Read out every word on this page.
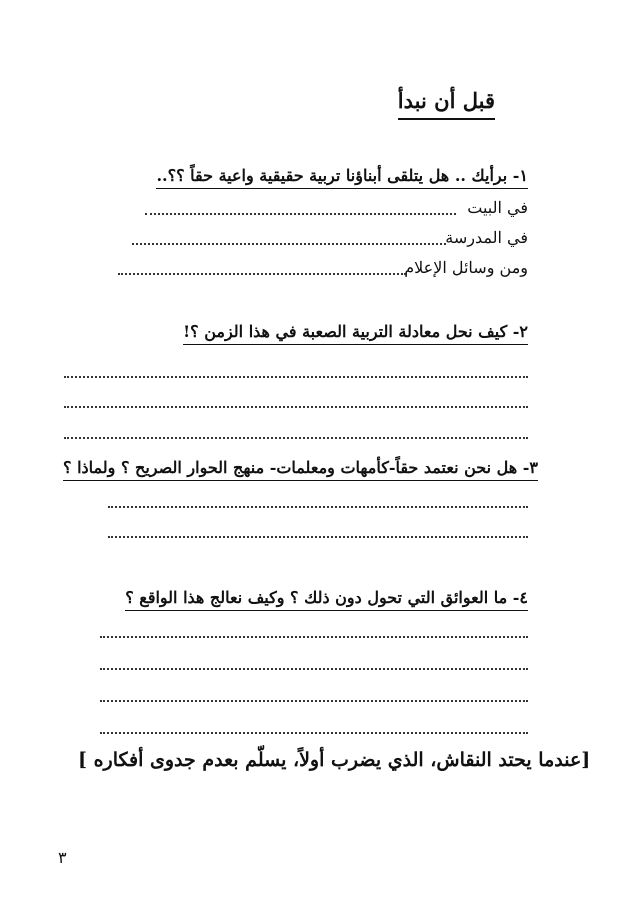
قبل أن نبدأ
١- برأيك .. هل يتلقى أبناؤنا تربية حقيقية واعية حقاً ؟؟..
في البيت
في المدرسة
ومن وسائل الإعلام
٢- كيف نحل معادلة التربية الصعبة في هذا الزمن ؟!
٣- هل نحن نعتمد حقاً-كأمهات ومعلمات- منهج الحوار الصريح ؟ ولماذا ؟
٤- ما العوائق التي تحول دون ذلك ؟ وكيف نعالج هذا الواقع ؟
[عندما يحتد النقاش، الذي يضرب أولاً، يسلّم بعدم جدوى أفكاره ]
٣
